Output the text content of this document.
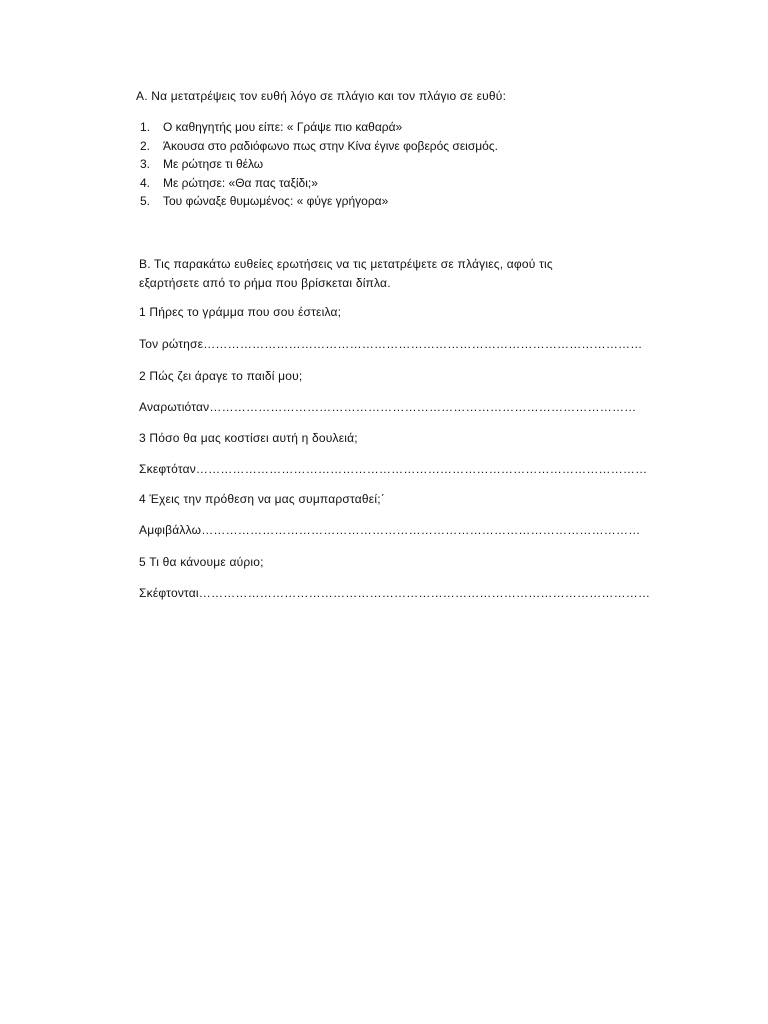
Α. Να μετατρέψεις τον ευθή λόγο σε πλάγιο και τον πλάγιο σε ευθύ:
1. Ο καθηγητής μου είπε: « Γράψε πιο καθαρά»
2. Άκουσα στο ραδιόφωνο πως στην Κίνα έγινε φοβερός σεισμός.
3. Με ρώτησε τι θέλω
4. Με ρώτησε: «Θα πας ταξίδι;»
5. Του φώναξε θυμωμένος: « φύγε γρήγορα»
Β. Τις παρακάτω ευθείες ερωτήσεις να τις μετατρέψετε σε πλάγιες, αφού τις
εξαρτήσετε από το ρήμα που βρίσκεται δίπλα.
1 Πήρες το γράμμα που σου έστειλα;
Τον ρώτησε………………………………………………………………………………………………
2 Πώς ζει άραγε το παιδί μου;
Αναρωτιόταν……………………………………………………………………………………………
3 Πόσο θα μας κοστίσει αυτή η δουλειά;
Σκεφτόταν…………………………………………………………………………………………………
4 Έχεις την πρόθεση να μας συμπαρσταθεί;΄
Αμφιβάλλω………………………………………………………………………………………………
5 Τι θα κάνουμε αύριο;
Σκέφτονται…………………………………………………………………………………………………
